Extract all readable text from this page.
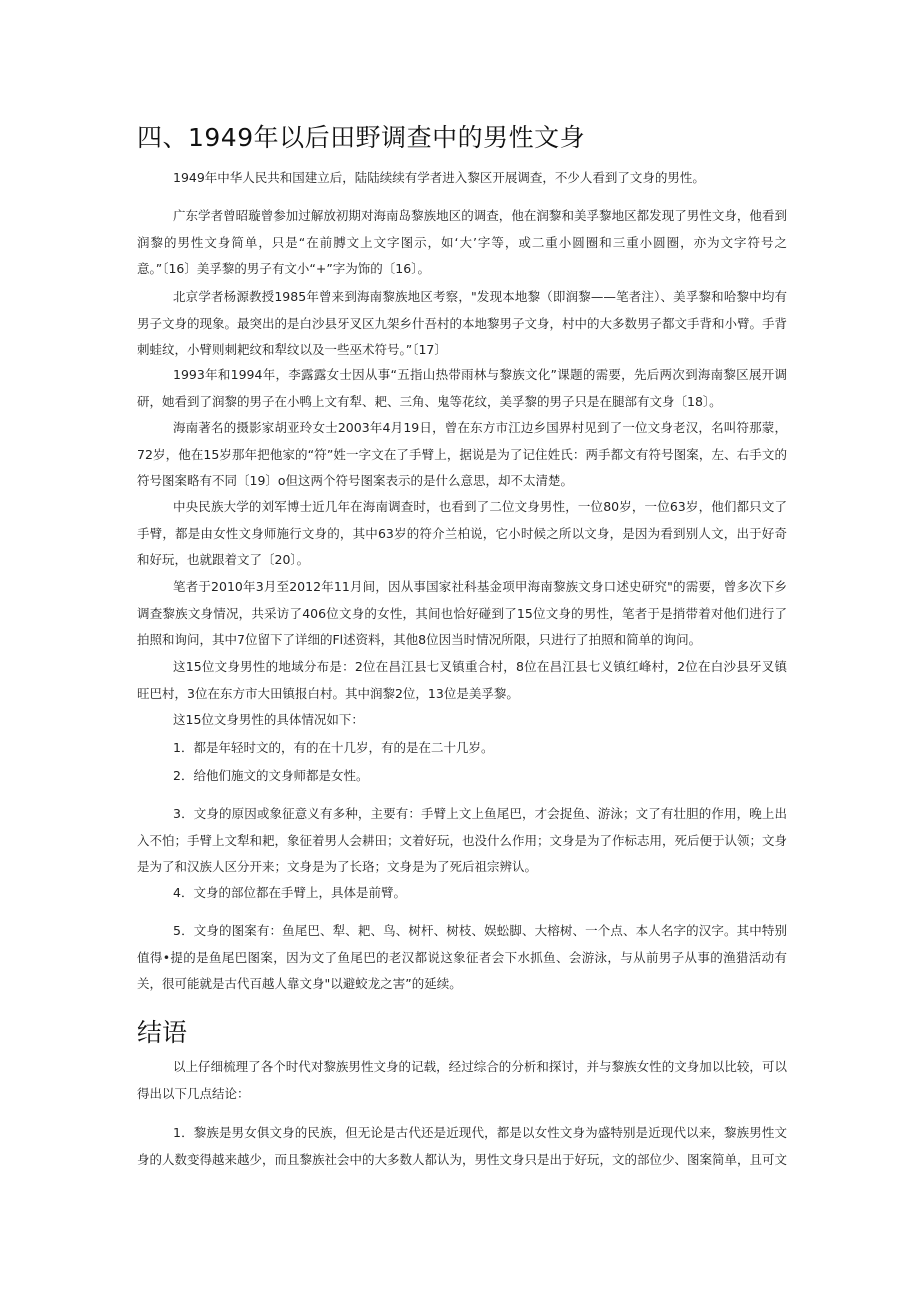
四、1949年以后田野调查中的男性文身

1949年中华人民共和国建立后，陆陆续续有学者进入黎区开展调查，不少人看到了文身的男性。

广东学者曾昭璇曾参加过解放初期对海南岛黎族地区的调查，他在润黎和美孚黎地区都发现了男性文身，他看到润黎的男性文身简单，只是“在前膊文上文字图示，如‘大’字等，或二重小圆圈和三重小圆圈，亦为文字符号之意。”〔16〕美孚黎的男子有文小“+”字为饰的〔16〕。

北京学者杨源教授1985年曾来到海南黎族地区考察，"发现本地黎（即润黎——笔者注）、美孚黎和哈黎中均有男子文身的现象。最突出的是白沙县牙叉区九架乡什吾村的本地黎男子文身，村中的大多数男子都文手背和小臂。手背刺蛙纹，小臂则刺耙纹和犁纹以及一些巫术符号。”〔17〕

1993年和1994年，李露露女士因从事“五指山热带雨林与黎族文化”课题的需要，先后两次到海南黎区展开调研，她看到了润黎的男子在小鸭上文有犁、耙、三角、鬼等花纹，美孚黎的男子只是在腿部有文身〔18〕。

海南著名的摄影家胡亚玲女士2003年4月19日，曾在东方市江边乡国界村见到了一位文身老汉，名叫符那蒙，72岁，他在15岁那年把他家的“符”姓一字文在了手臂上，据说是为了记住姓氏：两手都文有符号图案，左、右手文的符号图案略有不同〔19〕o但这两个符号图案表示的是什么意思，却不太清楚。

中央民族大学的刘军博士近几年在海南调查时，也看到了二位文身男性，一位80岁，一位63岁，他们都只文了手臂，都是由女性文身师施行文身的，其中63岁的符介兰柏说，它小时候之所以文身，是因为看到别人文，出于好奇和好玩，也就跟着文了〔20〕。

笔者于2010年3月至2012年11月间，因从事国家社科基金项甲海南黎族文身口述史研究"的需要，曾多次下乡调查黎族文身情况，共采访了406位文身的女性，其间也恰好碰到了15位文身的男性，笔者于是捎带着对他们进行了拍照和询问，其中7位留下了详细的Fl述资料，其他8位因当时情况所限，只进行了拍照和简单的询问。

这15位文身男性的地域分布是：2位在昌江县七叉镇重合村，8位在昌江县七义镇红峰村，2位在白沙县牙叉镇旺巴村，3位在东方市大田镇报白村。其中润黎2位，13位是美孚黎。

这15位文身男性的具体情况如下：

1．都是年轻时文的，有的在十几岁，有的是在二十几岁。

2．给他们施文的文身师都是女性。

3．文身的原因或象征意义有多种，主要有：手臂上文上鱼尾巴，才会捉鱼、游泳；文了有壮胆的作用，晚上出入不怕；手臂上文犁和耙，象征着男人会耕田；文着好玩，也没什么作用；文身是为了作标志用，死后便于认领；文身是为了和汉族人区分开来；文身是为了长珞；文身是为了死后祖宗辨认。

4．文身的部位都在手臂上，具体是前臂。

5．文身的图案有：鱼尾巴、犁、耙、鸟、树杆、树枝、娱蚣脚、大榕树、一个点、本人名字的汉字。其中特别值得•提的是鱼尾巴图案，因为文了鱼尾巴的老汉都说这象征者会下水抓鱼、会游泳，与从前男子从事的渔猎活动有关，很可能就是古代百越人靠文身"以避蛟龙之害”的延续。

结语

以上仔细梳理了各个时代对黎族男性文身的记载，经过综合的分析和探讨，并与黎族女性的文身加以比较，可以得出以下几点结论：

1．黎族是男女俱文身的民族，但无论是古代还是近现代，都是以女性文身为盛特别是近现代以来，黎族男性文身的人数变得越来越少，而且黎族社会中的大多数人都认为，男性文身只是出于好玩，文的部位少、图案简单，且可文
